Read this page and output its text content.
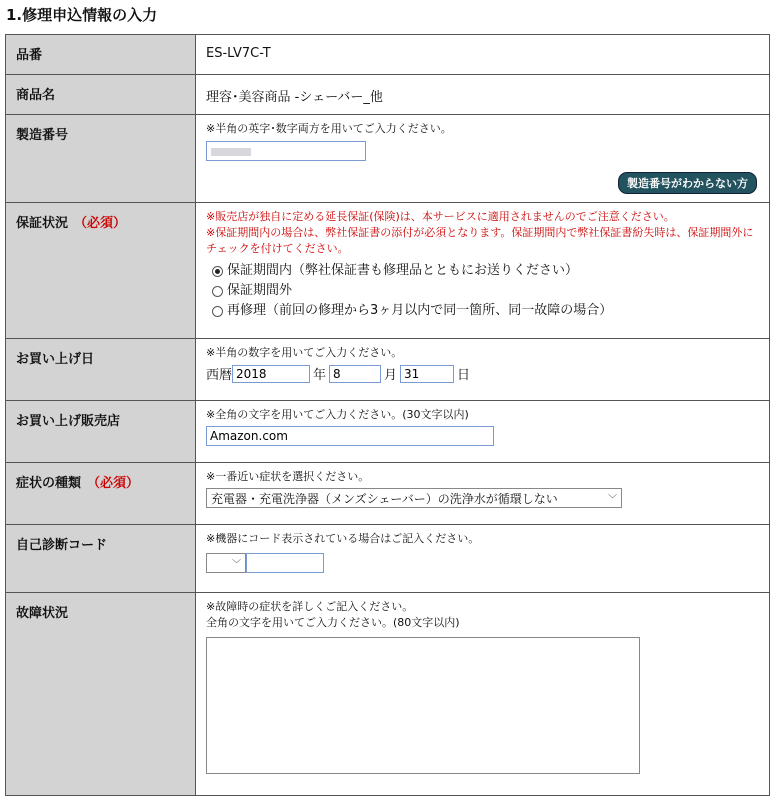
1.修理申込情報の入力
品番	ES-LV7C-T
商品名	理容･美容商品 -シェーバー_他
製造番号	※半角の英字･数字両方を用いてご入力ください。
製造番号がわからない方

保証状況 （必須）	※販売店が独自に定める延長保証(保険)は、本サービスに適用されませんのでご注意ください。
※保証期間内の場合は、弊社保証書の添付が必須となります。保証期間内で弊社保証書紛失時は、保証期間外にチェックを付けてください。
保証期間内（弊社保証書も修理品とともにお送りください）
保証期間外
再修理（前回の修理から3ヶ月以内で同一箇所、同一故障の場合）

お買い上げ日	※半角の数字を用いてご入力ください。
西暦
2018 年
8 月
31 日

お買い上げ販売店	※全角の文字を用いてご入力ください。(30文字以内)
Amazon.com
症状の種類 （必須）	※一番近い症状を選択ください。
充電器・充電洗浄器（メンズシェーバー）の洗浄水が循環しない ﹀

自己診断コード	※機器にコード表示されている場合はご記入ください。
﹀

故障状況	※故障時の症状を詳しくご記入ください。
全角の文字を用いてご入力ください。(80文字以内)
